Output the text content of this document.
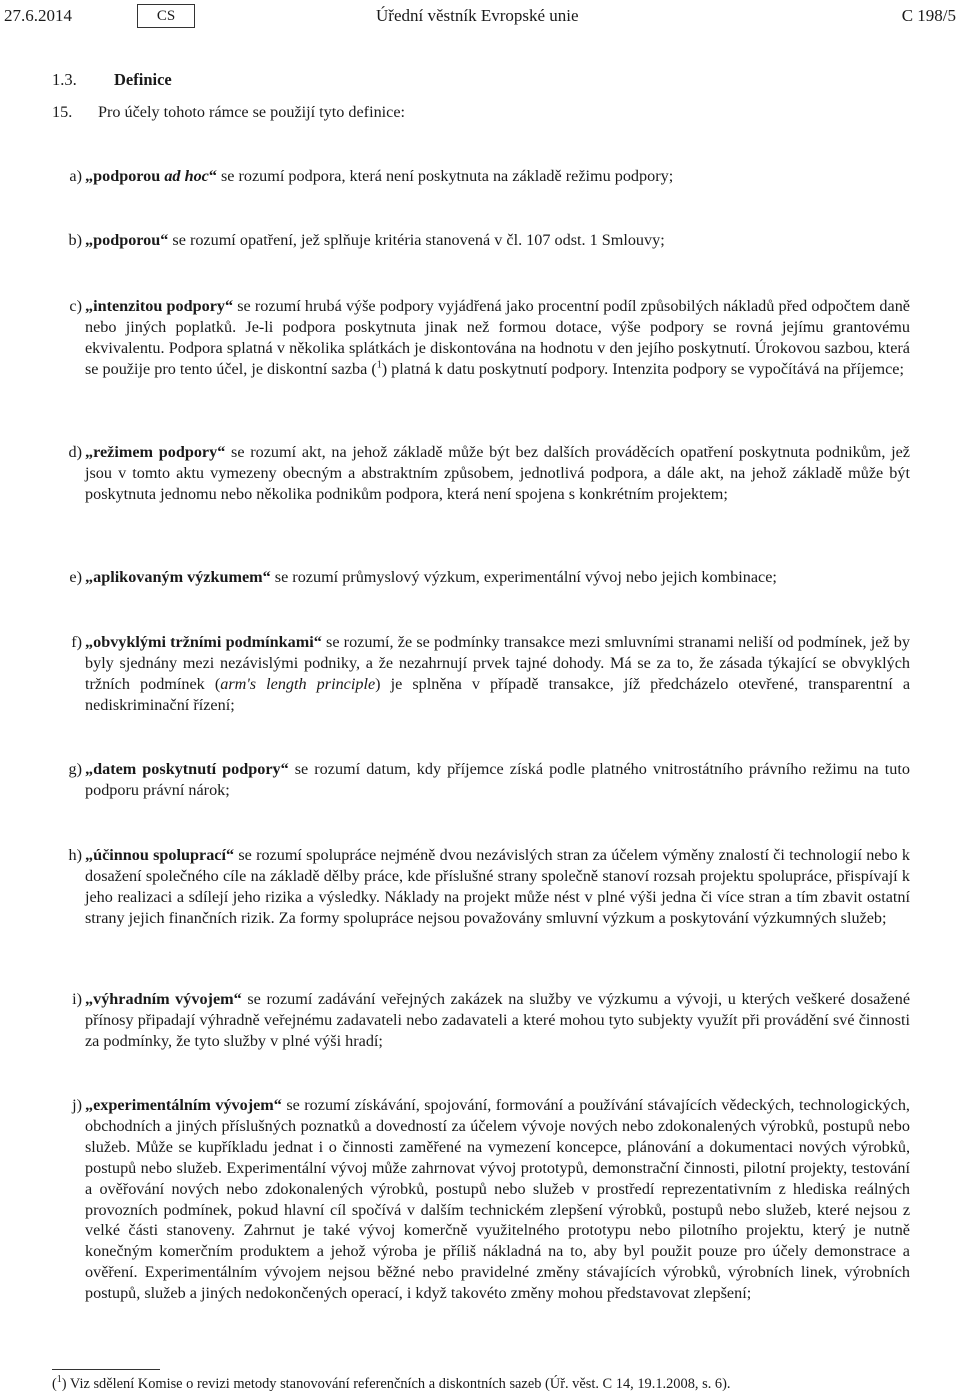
27.6.2014	CS	Úřední věstník Evropské unie	C 198/5
1.3. Definice
15. Pro účely tohoto rámce se použijí tyto definice:
a) „podporou ad hoc“ se rozumí podpora, která není poskytnuta na základě režimu podpory;
b) „podporou“ se rozumí opatření, jež splňuje kritéria stanovená v čl. 107 odst. 1 Smlouvy;
c) „intenzitou podpory“ se rozumí hrubá výše podpory vyjádřená jako procentní podíl způsobilých nákladů před odpočtem daně nebo jiných poplatků. Je-li podpora poskytnuta jinak než formou dotace, výše podpory se rovná jejímu grantovému ekvivalentu. Podpora splatná v několika splátkách je diskontována na hodnotu v den jejího poskytnutí. Úrokovou sazbou, která se použije pro tento účel, je diskontní sazba ($^1$) platná k datu poskytnutí podpory. Intenzita podpory se vypočítává na příjemce;
d) „režimem podpory“ se rozumí akt, na jehož základě může být bez dalších prováděcích opatření poskytnuta podnikům, jež jsou v tomto aktu vymezeny obecným a abstraktním způsobem, jednotlivá podpora, a dále akt, na jehož základě může být poskytnuta jednomu nebo několika podnikům podpora, která není spojena s konkrétním projektem;
e) „aplikovaným výzkumem“ se rozumí průmyslový výzkum, experimentální vývoj nebo jejich kombinace;
f) „obvyklými tržními podmínkami“ se rozumí, že se podmínky transakce mezi smluvními stranami neliší od podmínek, jež by byly sjednány mezi nezávislými podniky, a že nezahrnují prvek tajné dohody. Má se za to, že zásada týkající se obvyklých tržních podmínek (arm's length principle) je splněna v případě transakce, jíž předcházelo otevřené, transparentní a nediskriminační řízení;
g) „datem poskytnutí podpory“ se rozumí datum, kdy příjemce získá podle platného vnitrostátního právního režimu na tuto podporu právní nárok;
h) „účinnou spoluprací“ se rozumí spolupráce nejméně dvou nezávislých stran za účelem výměny znalostí či technologií nebo k dosažení společného cíle na základě dělby práce, kde příslušné strany společně stanoví rozsah projektu spolupráce, přispívají k jeho realizaci a sdílejí jeho rizika a výsledky. Náklady na projekt může nést v plné výši jedna či více stran a tím zbavit ostatní strany jejich finančních rizik. Za formy spolupráce nejsou považovány smluvní výzkum a poskytování výzkumných služeb;
i) „výhradním vývojem“ se rozumí zadávání veřejných zakázek na služby ve výzkumu a vývoji, u kterých veškeré dosažené přínosy připadají výhradně veřejnému zadavateli nebo zadavateli a které mohou tyto subjekty využít při provádění své činnosti za podmínky, že tyto služby v plné výši hradí;
j) „experimentálním vývojem“ se rozumí získávání, spojování, formování a používání stávajících vědeckých, technologických, obchodních a jiných příslušných poznatků a dovedností za účelem vývoje nových nebo zdokonalených výrobků, postupů nebo služeb. Může se kupříkladu jednat i o činnosti zaměřené na vymezení koncepce, plánování a dokumentaci nových výrobků, postupů nebo služeb. Experimentální vývoj může zahrnovat vývoj prototypů, demonstrační činnosti, pilotní projekty, testování a ověřování nových nebo zdokonalených výrobků, postupů nebo služeb v prostředí reprezentativním z hlediska reálných provozních podmínek, pokud hlavní cíl spočívá v dalším technickém zlepšení výrobků, postupů nebo služeb, které nejsou z velké části stanoveny. Zahrnut je také vývoj komerčně využitelného prototypu nebo pilotního projektu, který je nutně konečným komerčním produktem a jehož výroba je příliš nákladná na to, aby byl použit pouze pro účely demonstrace a ověření. Experimentálním vývojem nejsou běžné nebo pravidelné změny stávajících výrobků, výrobních linek, výrobních postupů, služeb a jiných nedokončených operací, i když takovéto změny mohou představovat zlepšení;
($^1$) Viz sdělení Komise o revizi metody stanovování referenčních a diskontních sazeb (Úř. věst. C 14, 19.1.2008, s. 6).
